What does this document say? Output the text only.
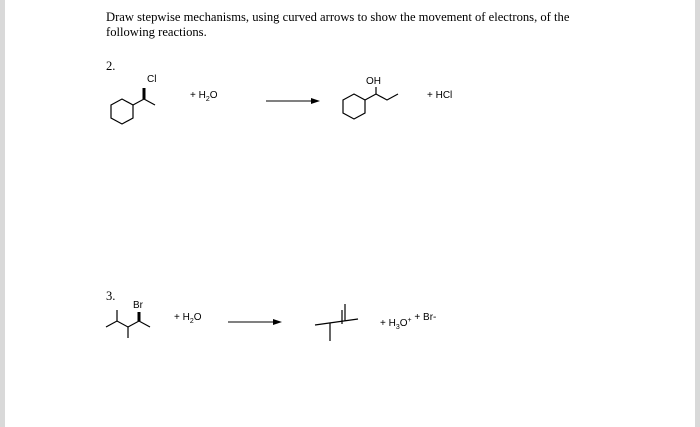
Draw stepwise mechanisms, using curved arrows to show the movement of electrons, of the following reactions.
2.
3.
Cl
+ $H_2O$
OH
+ HCl
Br
+ $H_2O$
+ $H_3O^+ + Br-$
